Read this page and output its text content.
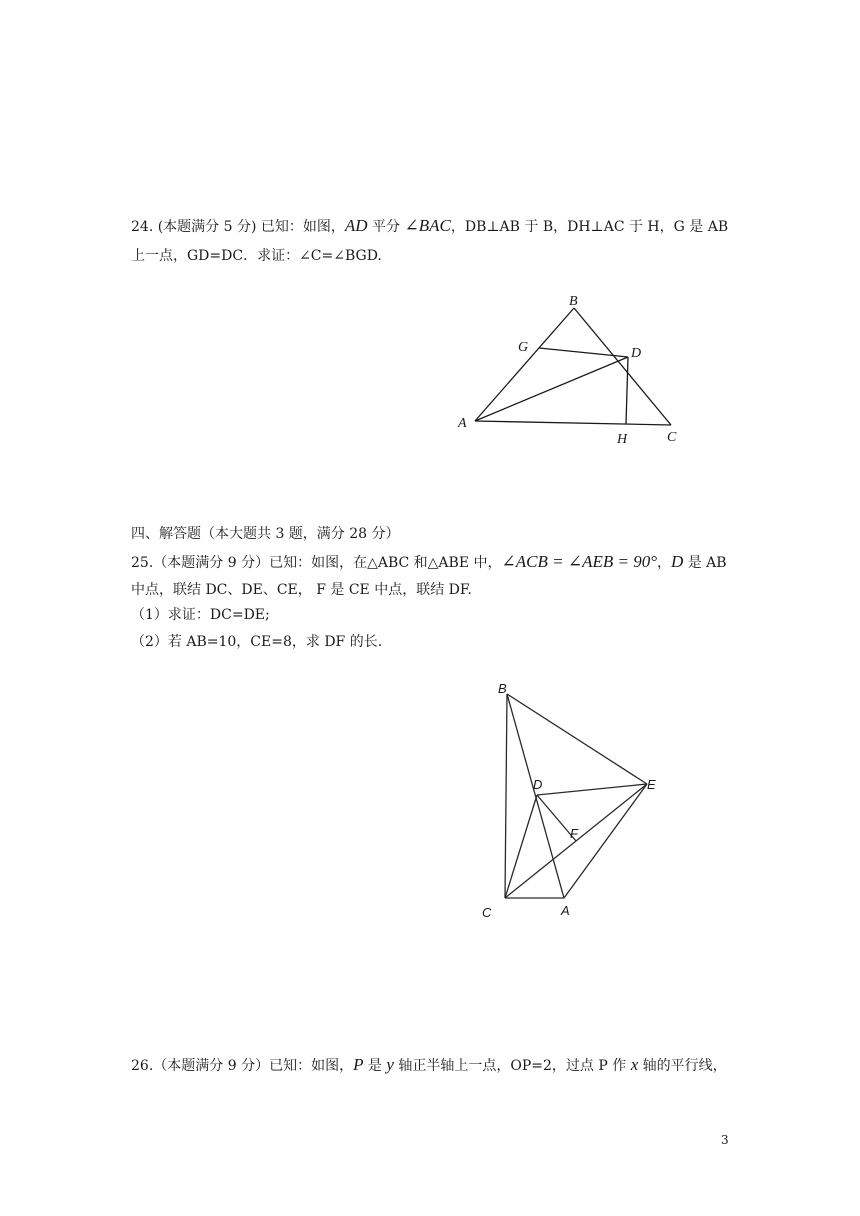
24. (本题满分 5 分) 已知：如图，AD 平分 ∠BAC，DB⊥AB 于 B，DH⊥AC 于 H，G 是 AB
上一点，GD=DC．求证：∠C=∠BGD.
B
G	D
A
H	C
四、解答题（本大题共 3 题，满分 28 分）
25.（本题满分 9 分）已知：如图，在△ABC 和△ABE 中，∠ACB = ∠AEB = 90°，D 是 AB
中点，联结 DC、DE、CE， F 是 CE 中点，联结 DF.
（1）求证：DC=DE;
（2）若 AB=10，CE=8，求 DF 的长.
B
D	E
F
C	A
26.（本题满分 9 分）已知：如图，P 是 y 轴正半轴上一点，OP=2，过点 P 作 x 轴的平行线，
3
